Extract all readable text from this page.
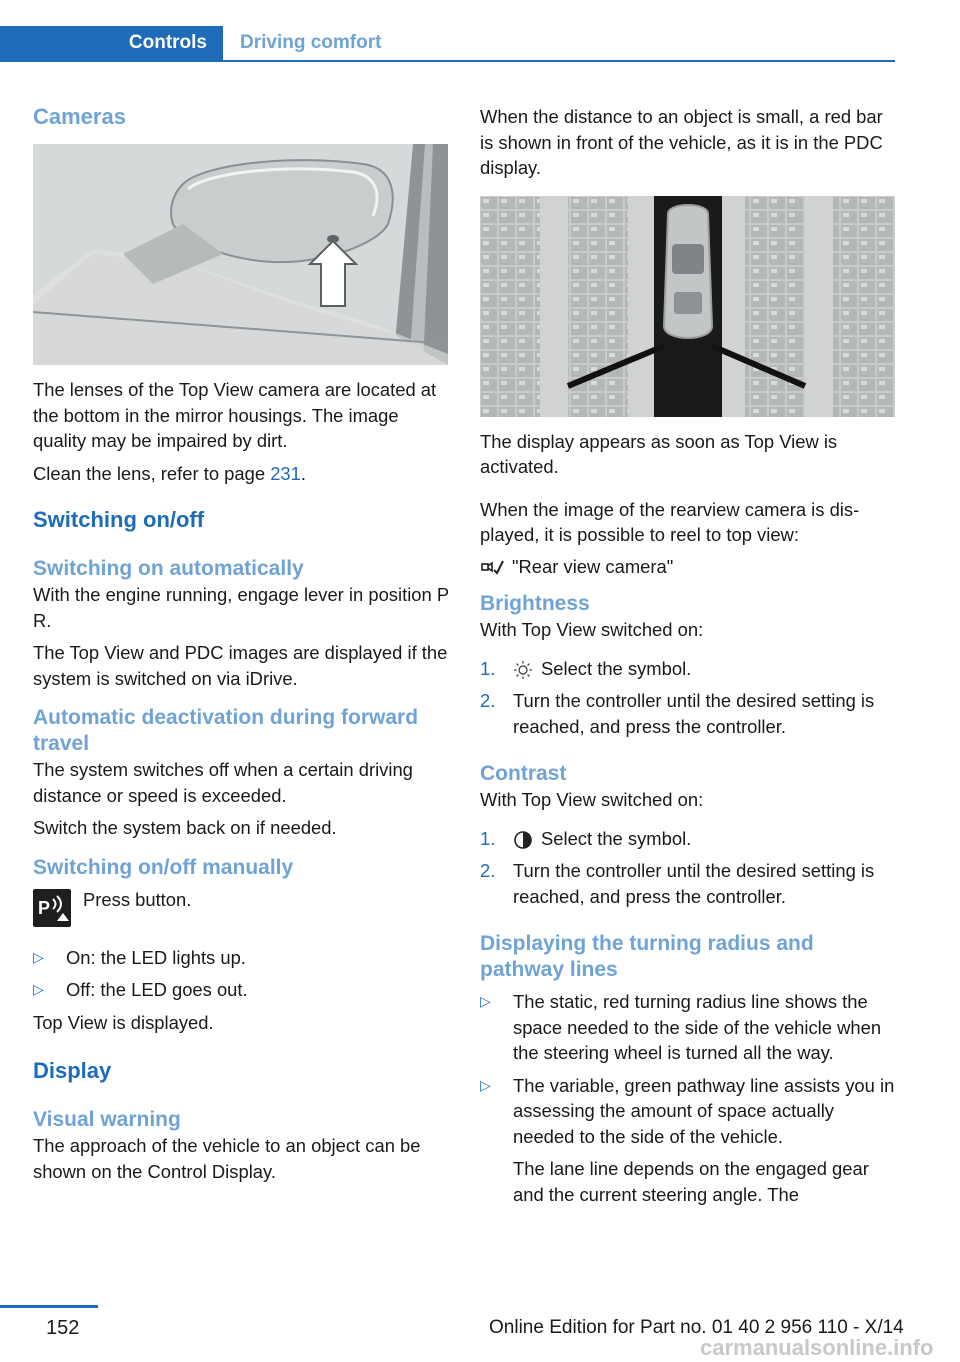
Controls	Driving comfort
Cameras

The lenses of the Top View camera are located at the bottom in the mirror housings. The image quality may be impaired by dirt.

Clean the lens, refer to page 231.

Switching on/off
Switching on automatically

With the engine running, engage lever in position P R.

The Top View and PDC images are displayed if the system is switched on via iDrive.

Automatic deactivation during forward travel

The system switches off when a certain driving distance or speed is exceeded.

Switch the system back on if needed.

Switching on/off manually
P Press button.

▷	On: the LED lights up.
▷	Off: the LED goes out.

Top View is displayed.

Display
Visual warning

The approach of the vehicle to an object can be shown on the Control Display.

When the distance to an object is small, a red bar is shown in front of the vehicle, as it is in the PDC display.

The display appears as soon as Top View is activated.

When the image of the rearview camera is displayed, it is possible to reel to top view:

"Rear view camera"
Brightness

With Top View switched on:

1.	Select the symbol.
2. Turn the controller until the desired setting is reached, and press the controller.
Contrast

With Top View switched on:

1.	Select the symbol.
2. Turn the controller until the desired setting is reached, and press the controller.
Displaying the turning radius and pathway lines
▷	The static, red turning radius line shows the space needed to the side of the vehicle when the steering wheel is turned all the way.
▷	The variable, green pathway line assists you in assessing the amount of space actually needed to the side of the vehicle.

The lane line depends on the engaged gear and the current steering angle. The

152	Online Edition for Part no. 01 40 2 956 110 - X/14
carmanualsonline.info
